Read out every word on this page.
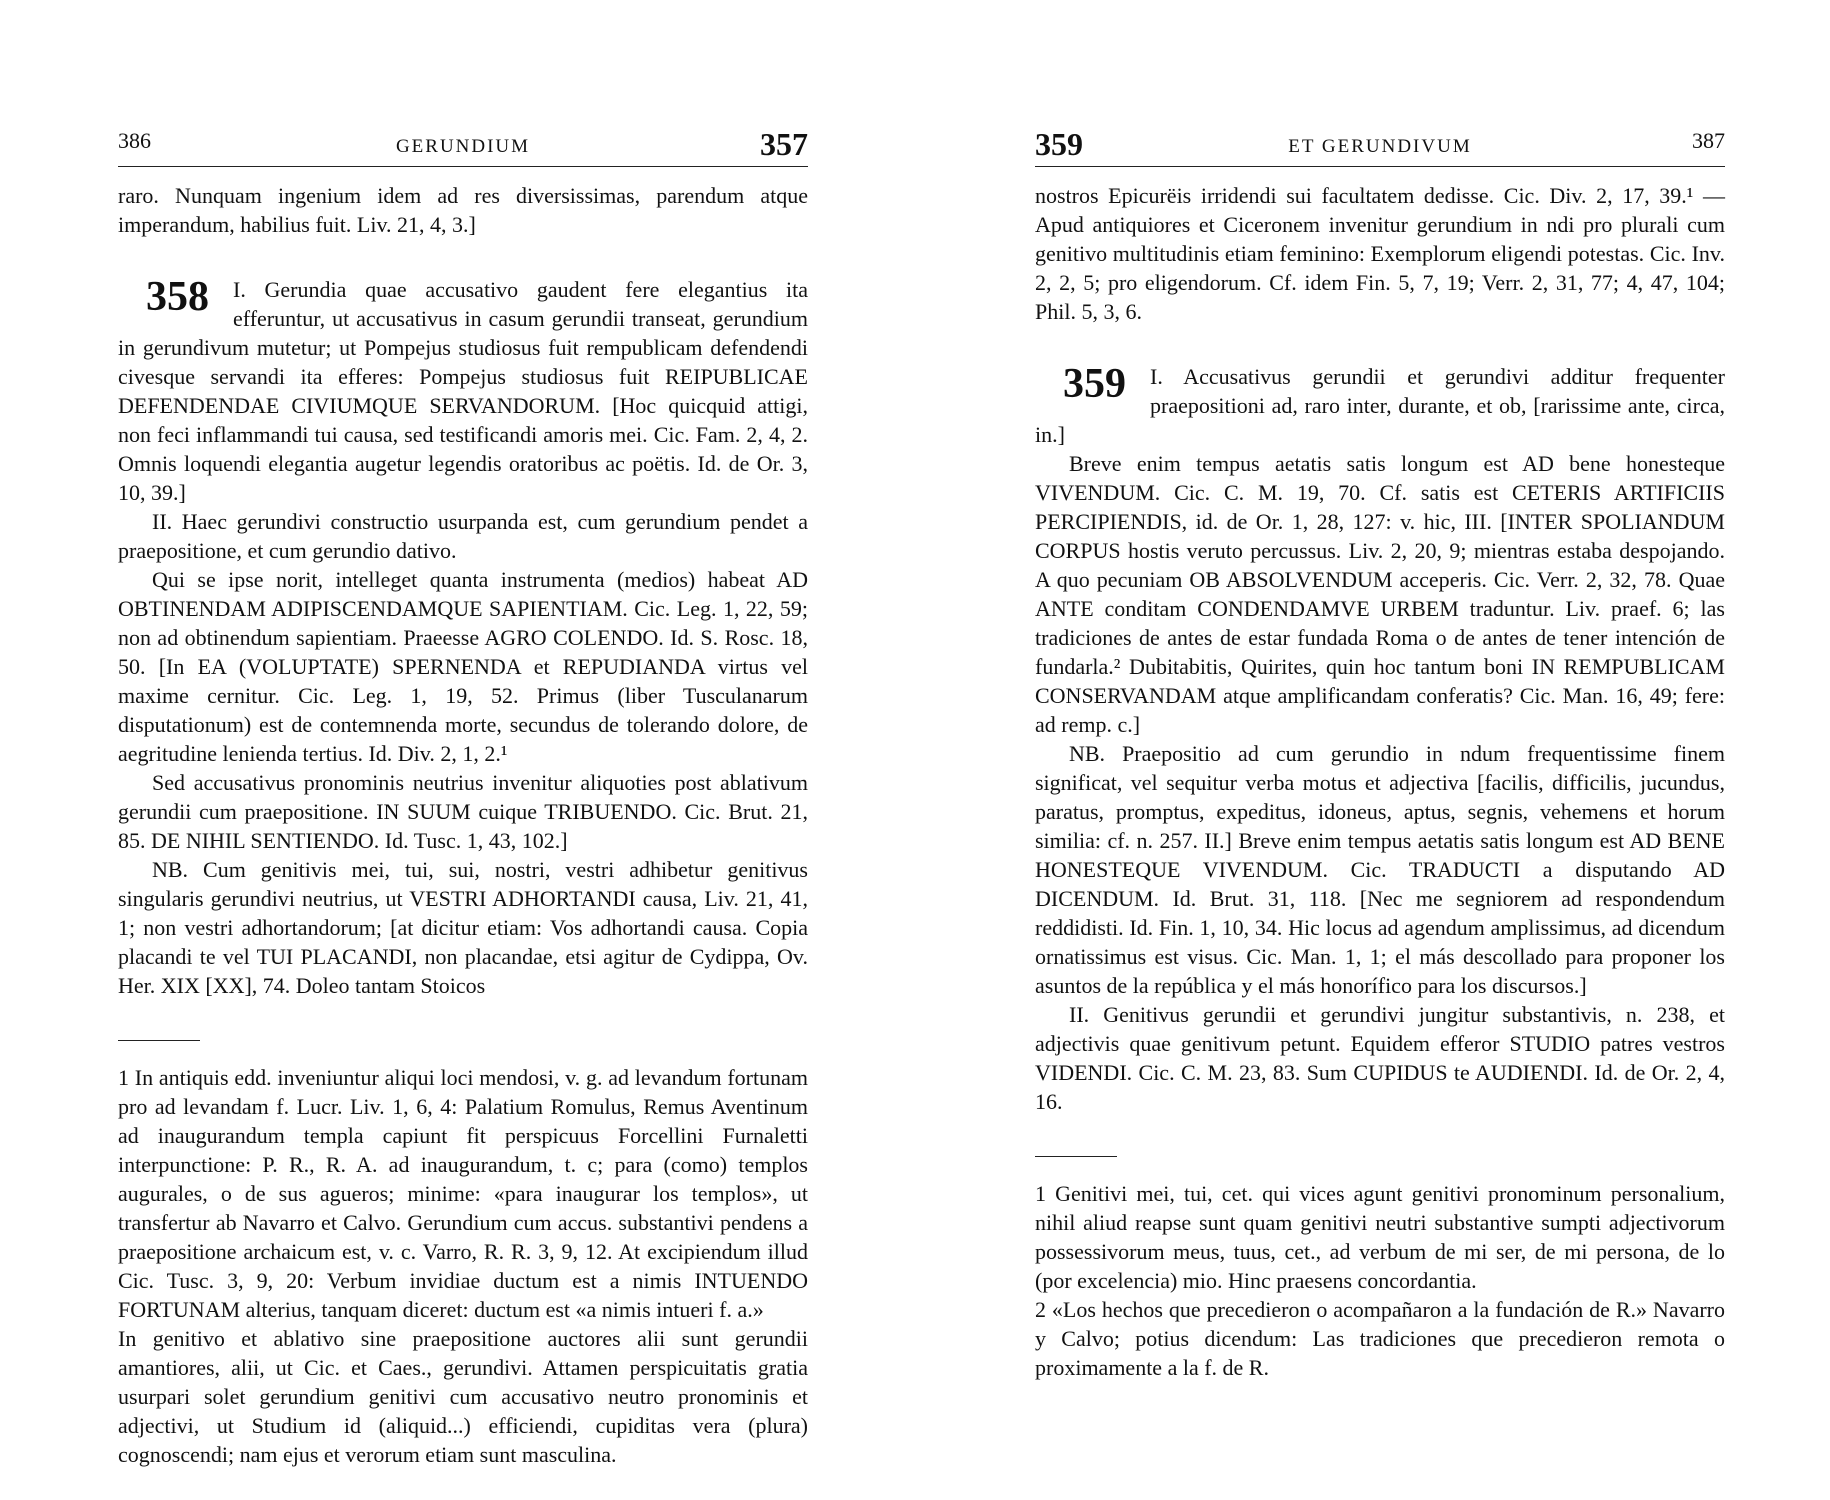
386	GERUNDIUM	357

raro. Nunquam ingenium idem ad res diversissimas, parendum atque imperandum, habilius fuit. Liv. 21, 4, 3.]

358	I. Gerundia quae accusativo gaudent fere elegantius ita efferuntur, ut accusativus in casum gerundii transeat, gerundium in gerundivum mutetur; ut Pompejus studiosus fuit rempublicam defendendi civesque servandi ita efferes: Pompejus studiosus fuit REIPUBLICAE DEFENDENDAE CIVIUMQUE SERVANDORUM. [Hoc quicquid attigi, non feci inflammandi tui causa, sed testificandi amoris mei. Cic. Fam. 2, 4, 2. Omnis loquendi elegantia augetur legendis oratoribus ac poëtis. Id. de Or. 3, 10, 39.]

II. Haec gerundivi constructio usurpanda est, cum gerundium pendet a praepositione, et cum gerundio dativo.

Qui se ipse norit, intelleget quanta instrumenta (medios) habeat AD OBTINENDAM ADIPISCENDAMQUE SAPIENTIAM. Cic. Leg. 1, 22, 59; non ad obtinendum sapientiam. Praeesse AGRO COLENDO. Id. S. Rosc. 18, 50. [In EA (VOLUPTATE) SPERNENDA et REPUDIANDA virtus vel maxime cernitur. Cic. Leg. 1, 19, 52. Primus (liber Tusculanarum disputationum) est de contemnenda morte, secundus de tolerando dolore, de aegritudine lenienda tertius. Id. Div. 2, 1, 2.¹

Sed accusativus pronominis neutrius invenitur aliquoties post ablativum gerundii cum praepositione. IN SUUM cuique TRIBUENDO. Cic. Brut. 21, 85. DE NIHIL SENTIENDO. Id. Tusc. 1, 43, 102.]

NB. Cum genitivis mei, tui, sui, nostri, vestri adhibetur genitivus singularis gerundivi neutrius, ut VESTRI ADHORTANDI causa, Liv. 21, 41, 1; non vestri adhortandorum; [at dicitur etiam: Vos adhortandi causa. Copia placandi te vel TUI PLACANDI, non placandae, etsi agitur de Cydippa, Ov. Her. XIX [XX], 74. Doleo tantam Stoicos

1 In antiquis edd. inveniuntur aliqui loci mendosi, v. g. ad levandum fortunam pro ad levandam f. Lucr. Liv. 1, 6, 4: Palatium Romulus, Remus Aventinum ad inaugurandum templa capiunt fit perspicuus Forcellini Furnaletti interpunctione: P. R., R. A. ad inaugurandum, t. c; para (como) templos augurales, o de sus agueros; minime: «para inaugurar los templos», ut transfertur ab Navarro et Calvo. Gerundium cum accus. substantivi pendens a praepositione archaicum est, v. c. Varro, R. R. 3, 9, 12. At excipiendum illud Cic. Tusc. 3, 9, 20: Verbum invidiae ductum est a nimis INTUENDO FORTUNAM alterius, tanquam diceret: ductum est «a nimis intueri f. a.»

In genitivo et ablativo sine praepositione auctores alii sunt gerundii amantiores, alii, ut Cic. et Caes., gerundivi. Attamen perspicuitatis gratia usurpari solet gerundium genitivi cum accusativo neutro pronominis et adjectivi, ut Studium id (aliquid...) efficiendi, cupiditas vera (plura) cognoscendi; nam ejus et verorum etiam sunt masculina.

359	ET GERUNDIVUM	387

nostros Epicurëis irridendi sui facultatem dedisse. Cic. Div. 2, 17, 39.¹ — Apud antiquiores et Ciceronem invenitur gerundium in ndi pro plurali cum genitivo multitudinis etiam feminino: Exemplorum eligendi potestas. Cic. Inv. 2, 2, 5; pro eligendorum. Cf. idem Fin. 5, 7, 19; Verr. 2, 31, 77; 4, 47, 104; Phil. 5, 3, 6.

359	I. Accusativus gerundii et gerundivi additur frequenter praepositioni ad, raro inter, durante, et ob, [rarissime ante, circa, in.]

Breve enim tempus aetatis satis longum est AD bene honesteque VIVENDUM. Cic. C. M. 19, 70. Cf. satis est CETERIS ARTIFICIIS PERCIPIENDIS, id. de Or. 1, 28, 127: v. hic, III. [INTER SPOLIANDUM CORPUS hostis veruto percussus. Liv. 2, 20, 9; mientras estaba despojando. A quo pecuniam OB ABSOLVENDUM acceperis. Cic. Verr. 2, 32, 78. Quae ANTE conditam CONDENDAMVE URBEM traduntur. Liv. praef. 6; las tradiciones de antes de estar fundada Roma o de antes de tener intención de fundarla.² Dubitabitis, Quirites, quin hoc tantum boni IN REMPUBLICAM CONSERVANDAM atque amplificandam conferatis? Cic. Man. 16, 49; fere: ad remp. c.]

NB. Praepositio ad cum gerundio in ndum frequentissime finem significat, vel sequitur verba motus et adjectiva [facilis, difficilis, jucundus, paratus, promptus, expeditus, idoneus, aptus, segnis, vehemens et horum similia: cf. n. 257. II.] Breve enim tempus aetatis satis longum est AD BENE HONESTEQUE VIVENDUM. Cic. TRADUCTI a disputando AD DICENDUM. Id. Brut. 31, 118. [Nec me segniorem ad respondendum reddidisti. Id. Fin. 1, 10, 34. Hic locus ad agendum amplissimus, ad dicendum ornatissimus est visus. Cic. Man. 1, 1; el más descollado para proponer los asuntos de la república y el más honorífico para los discursos.]

II. Genitivus gerundii et gerundivi jungitur substantivis, n. 238, et adjectivis quae genitivum petunt. Equidem efferor STUDIO patres vestros VIDENDI. Cic. C. M. 23, 83. Sum CUPIDUS te AUDIENDI. Id. de Or. 2, 4, 16.

1 Genitivi mei, tui, cet. qui vices agunt genitivi pronominum personalium, nihil aliud reapse sunt quam genitivi neutri substantive sumpti adjectivorum possessivorum meus, tuus, cet., ad verbum de mi ser, de mi persona, de lo (por excelencia) mio. Hinc praesens concordantia.

2 «Los hechos que precedieron o acompañaron a la fundación de R.» Navarro y Calvo; potius dicendum: Las tradiciones que precedieron remota o proximamente a la f. de R.
